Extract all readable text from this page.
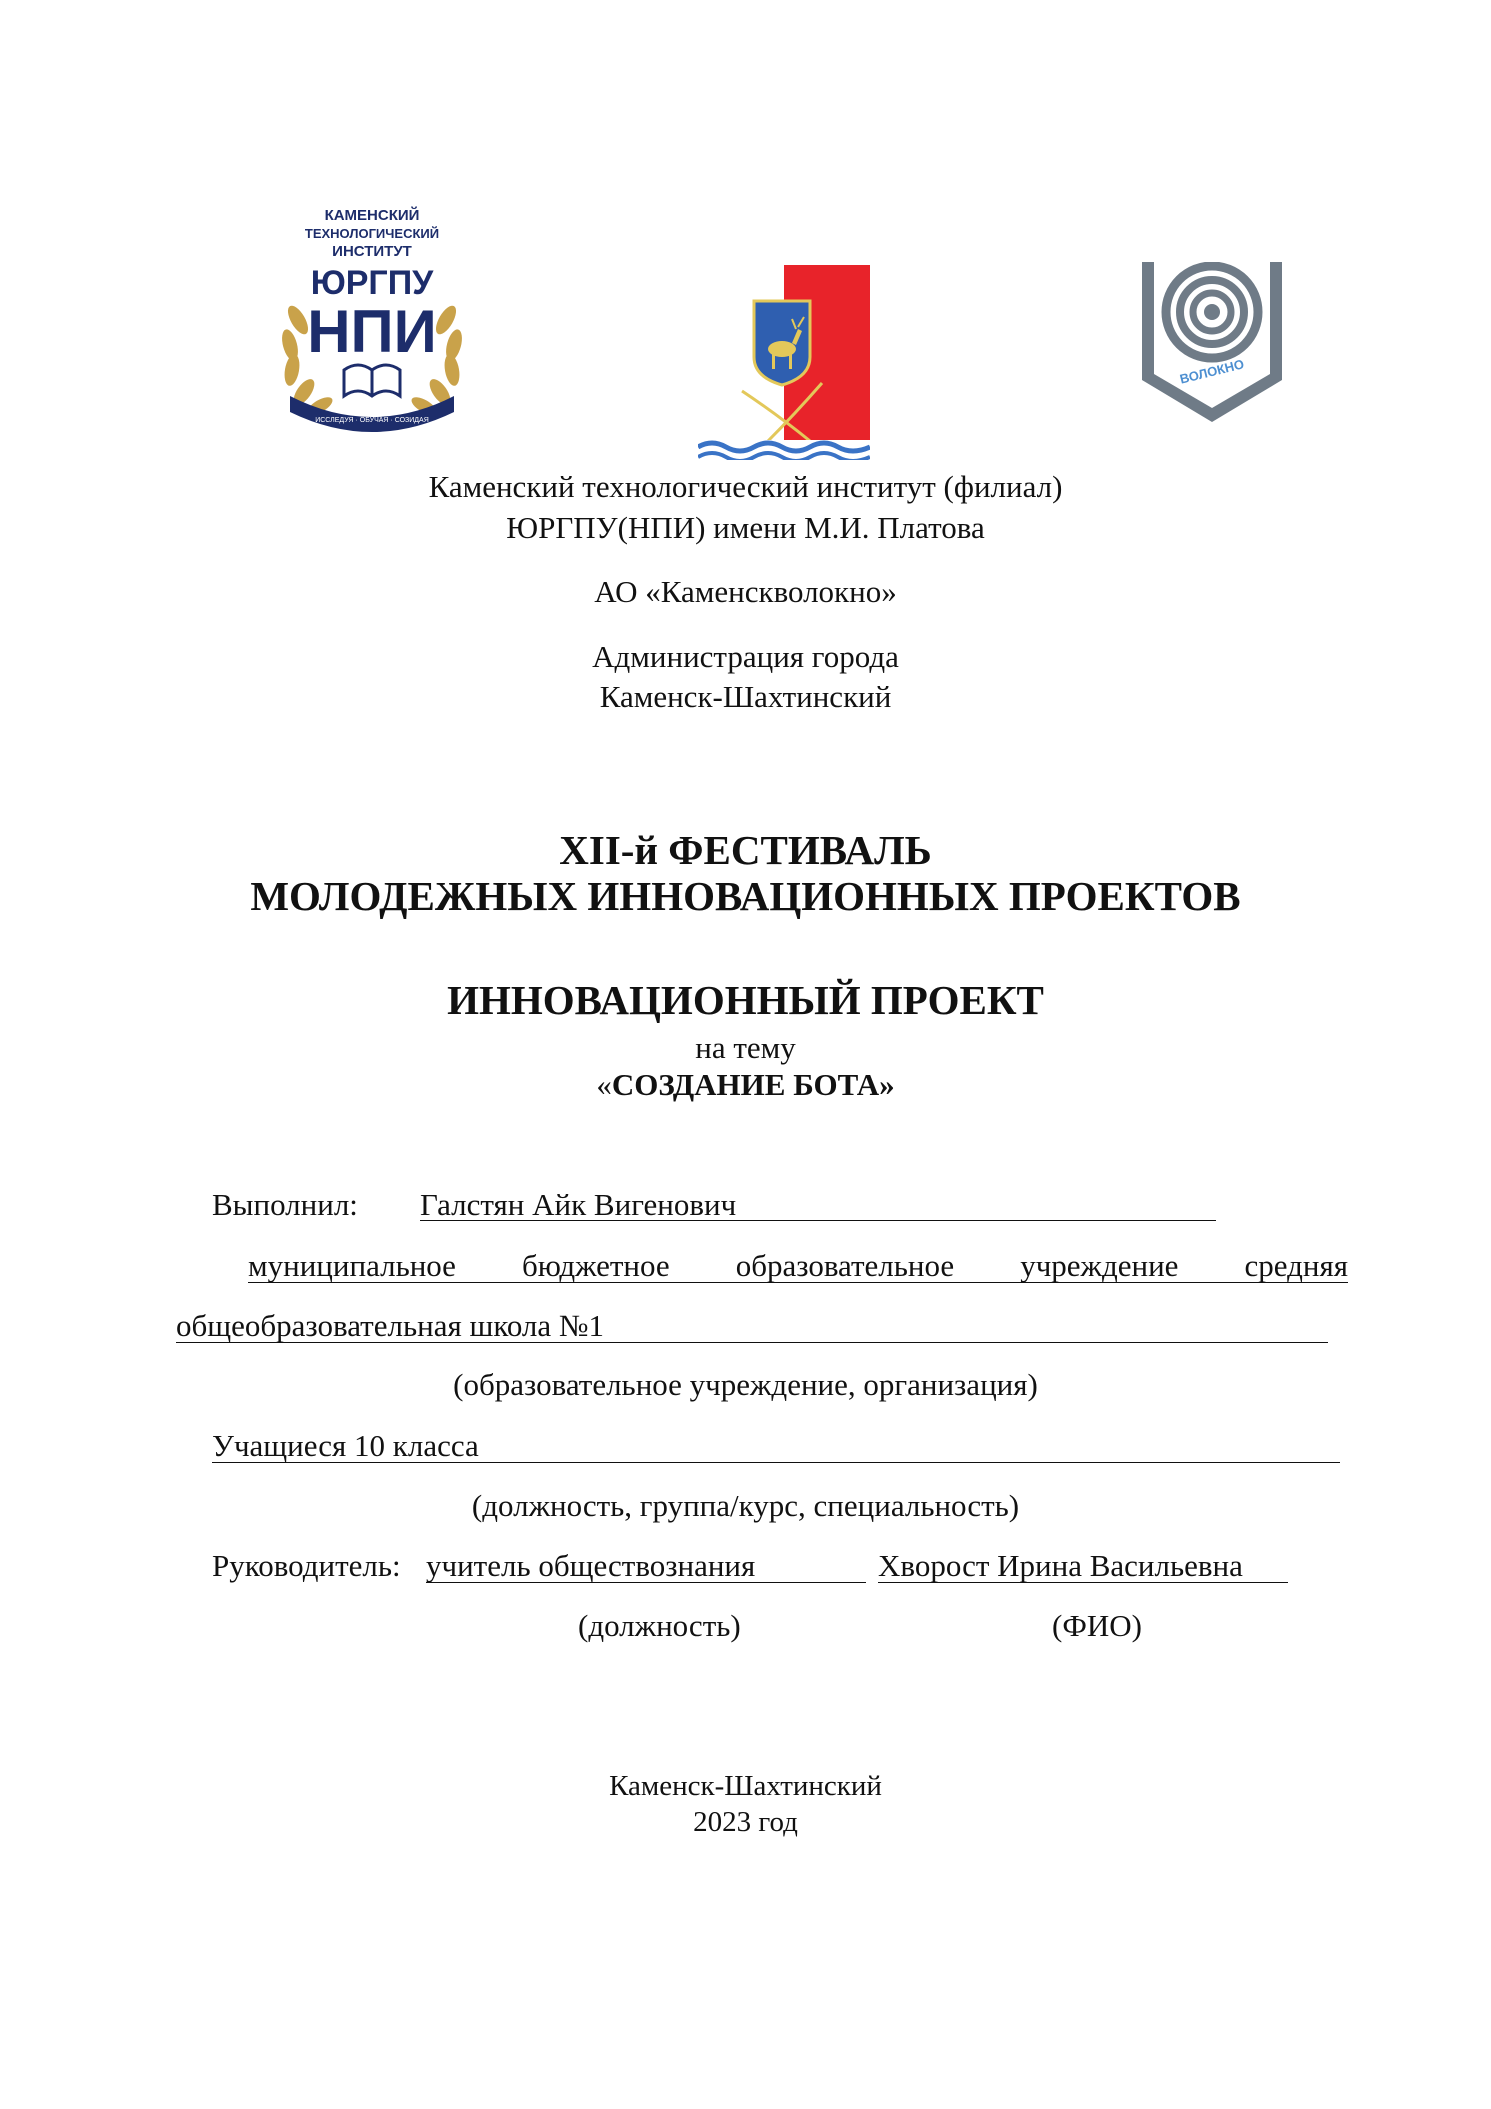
КАМЕНСКИЙ
ТЕХНОЛОГИЧЕСКИЙ
ИНСТИТУТ
ЮРГПУ
НПИ
ИССЛЕДУЯ · ОБУЧАЯ · СОЗИДАЯ
ВОЛОКНО
Каменский технологический институт (филиал)
ЮРГПУ(НПИ) имени М.И. Платова
АО «Каменскволокно»
Администрация города
Каменск-Шахтинский
XII-й ФЕСТИВАЛЬ
МОЛОДЕЖНЫХ ИННОВАЦИОННЫХ ПРОЕКТОВ
ИННОВАЦИОННЫЙ ПРОЕКТ
на тему
«СОЗДАНИЕ БОТА»
Выполнил: Галстян Айк Вигенович
муниципальное бюджетное образовательное учреждение средняя
общеобразовательная школа №1
(образовательное учреждение, организация)
Учащиеся 10 класса
(должность, группа/курс, специальность)
Руководитель: учитель обществознания	Хворост Ирина Васильевна
(должность)	(ФИО)
Каменск-Шахтинский
2023 год
